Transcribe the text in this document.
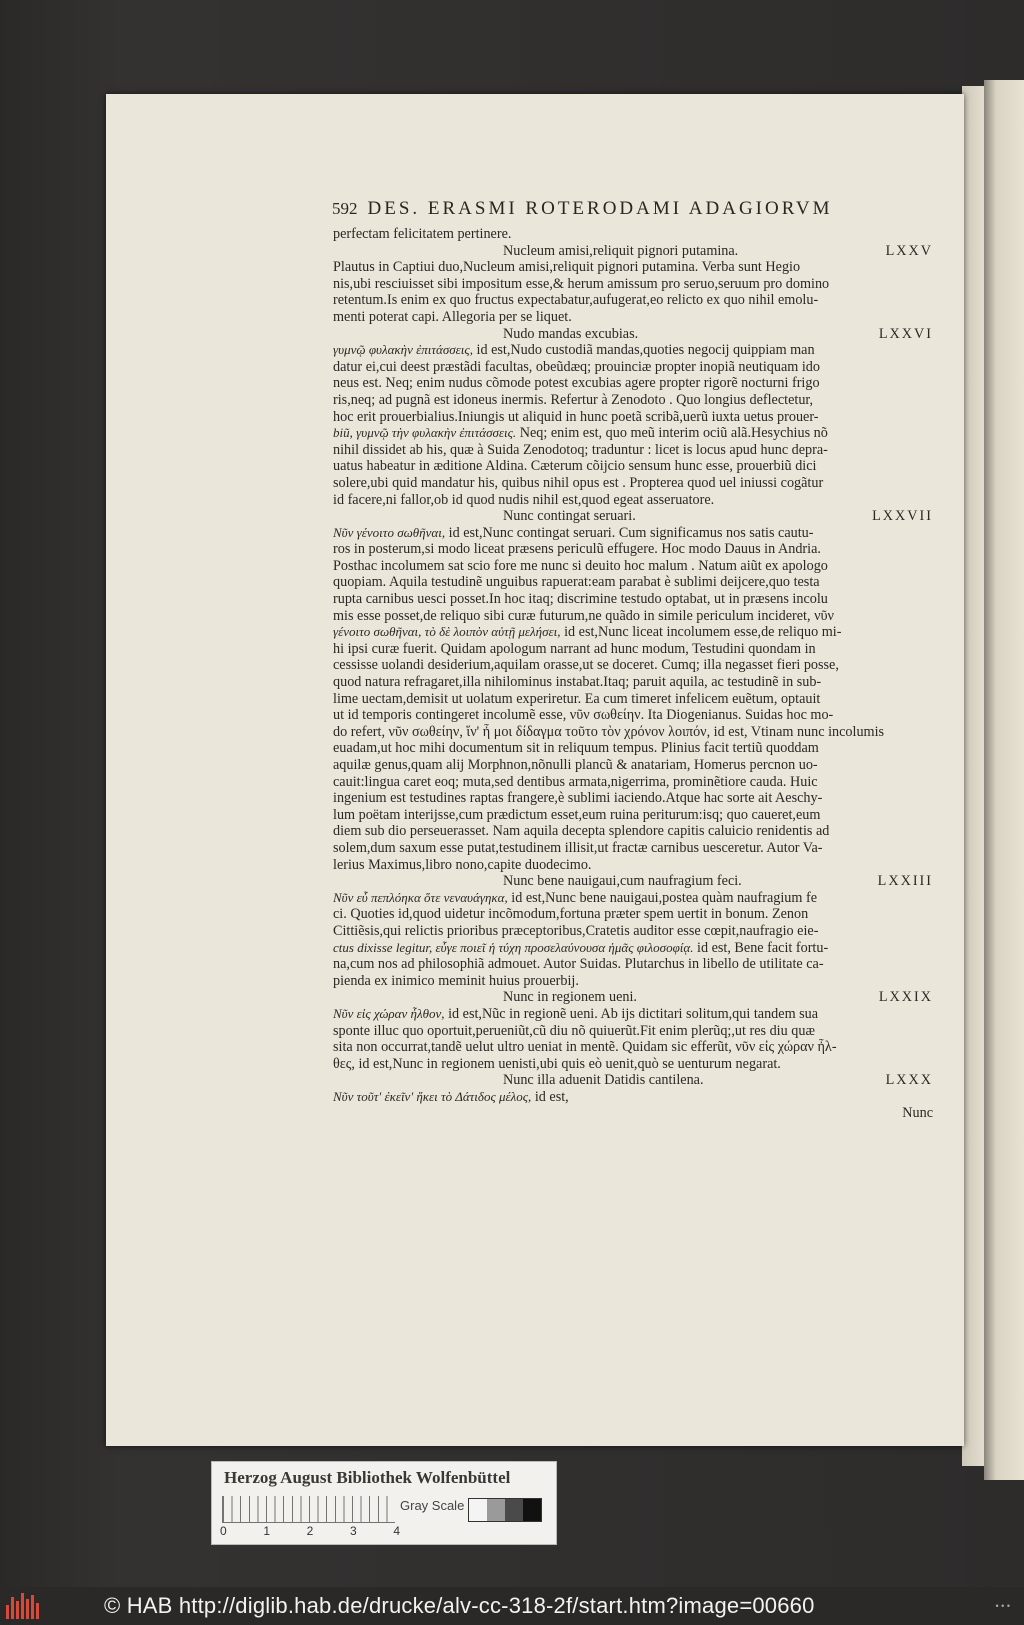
592 DES. ERASMI ROTERODAMI ADAGIORVM
perfectam felicitatem pertinere.
Nucleum amisi,reliquit pignori putamina.	LXXV
Plautus in Captiui duo,Nucleum amisi,reliquit pignori putamina. Verba sunt Hegio
nis,ubi resciuisset sibi impositum esse,& herum amissum pro seruo,seruum pro domino
retentum.Is enim ex quo fructus expectabatur,aufugerat,eo relicto ex quo nihil emolu-
menti poterat capi. Allegoria per se liquet.
Nudo mandas excubias.	LXXVI
γυμνῷ φυλακὴν ἐπιτάσσεις, id est,Nudo custodiã mandas,quoties negocij quippiam man
datur ei,cui deest præstãdi facultas, obeũdæq; prouinciæ propter inopiã neutiquam ido
neus est. Neq; enim nudus cõmode potest excubias agere propter rigorẽ nocturni frigo
ris,neq; ad pugnã est idoneus inermis. Refertur à Zenodoto . Quo longius deflectetur,
hoc erit prouerbialius.Iniungis ut aliquid in hunc poetã scribã,uerũ iuxta uetus prouer-
biũ, γυμνῷ τὴν φυλακὴν ἐπιτάσσεις. Neq; enim est, quo meũ interim ociũ alã.Hesychius nõ
nihil dissidet ab his, quæ à Suida Zenodotoq; traduntur : licet is locus apud hunc depra-
uatus habeatur in æditione Aldina. Cæterum cõijcio sensum hunc esse, prouerbiũ dici
solere,ubi quid mandatur his, quibus nihil opus est . Propterea quod uel iniussi cogãtur
id facere,ni fallor,ob id quod nudis nihil est,quod egeat asseruatore.
Nunc contingat seruari.	LXXVII
Νῦν γένοιτο σωθῆναι, id est,Nunc contingat seruari. Cum significamus nos satis cautu-
ros in posterum,si modo liceat præsens periculũ effugere. Hoc modo Dauus in Andria.
Posthac incolumem sat scio fore me nunc si deuito hoc malum . Natum aiũt ex apologo
quopiam. Aquila testudinẽ unguibus rapuerat:eam parabat è sublimi deijcere,quo testa
rupta carnibus uesci posset.In hoc itaq; discrimine testudo optabat, ut in præsens incolu
mis esse posset,de reliquo sibi curæ futurum,ne quãdo in simile periculum incideret, νῦν
γένοιτο σωθῆναι, τὸ δὲ λοιπὸν αὐτῇ μελήσει, id est,Nunc liceat incolumem esse,de reliquo mi-
hi ipsi curæ fuerit. Quidam apologum narrant ad hunc modum, Testudini quondam in
cessisse uolandi desiderium,aquilam orasse,ut se doceret. Cumq; illa negasset fieri posse,
quod natura refragaret,illa nihilominus instabat.Itaq; paruit aquila, ac testudinẽ in sub-
lime uectam,demisit ut uolatum experiretur. Ea cum timeret infelicem euẽtum, optauit
ut id temporis contingeret incolumẽ esse, νῦν σωθείην. Ita Diogenianus. Suidas hoc mo-
do refert, νῦν σωθείην, ἵν' ἦ μοι δίδαγμα τοῦτο τὸν χρόνον λοιπόν, id est, Vtinam nunc incolumis
euadam,ut hoc mihi documentum sit in reliquum tempus. Plinius facit tertiũ quoddam
aquilæ genus,quam alij Morphnon,nõnulli plancũ & anatariam, Homerus percnon uo-
cauit:lingua caret eoq; muta,sed dentibus armata,nigerrima, prominẽtiore cauda. Huic
ingenium est testudines raptas frangere,è sublimi iaciendo.Atque hac sorte ait Aeschy-
lum poëtam interijsse,cum prædictum esset,eum ruina periturum:isq; quo caueret,eum
diem sub dio perseuerasset. Nam aquila decepta splendore capitis caluicio renidentis ad
solem,dum saxum esse putat,testudinem illisit,ut fractæ carnibus uesceretur. Autor Va-
lerius Maximus,libro nono,capite duodecimo.
Nunc bene nauigaui,cum naufragium feci.	LXXIII
Νῦν εὖ πεπλόηκα ὅτε νεναυάγηκα, id est,Nunc bene nauigaui,postea quàm naufragium fe
ci. Quoties id,quod uidetur incõmodum,fortuna præter spem uertit in bonum. Zenon
Cittiẽsis,qui relictis prioribus præceptoribus,Cratetis auditor esse cœpit,naufragio eie-
ctus dixisse legitur, εὖγε ποιεῖ ἡ τύχη προσελαύνουσα ἡμᾶς φιλοσοφίᾳ. id est, Bene facit fortu-
na,cum nos ad philosophiã admouet. Autor Suidas. Plutarchus in libello de utilitate ca-
pienda ex inimico meminit huius prouerbij.
Nunc in regionem ueni.	LXXIX
Νῦν εἰς χώραν ἦλθον, id est,Nũc in regionẽ ueni. Ab ijs dictitari solitum,qui tandem sua
sponte illuc quo oportuit,perueniũt,cũ diu nõ quiuerũt.Fit enim plerũq;,ut res diu quæ
sita non occurrat,tandẽ uelut ultro ueniat in mentẽ. Quidam sic efferũt, νῦν εἰς χώραν ἦλ-
θες, id est,Nunc in regionem uenisti,ubi quis eò uenit,quò se uenturum negarat.
Nunc illa aduenit Datidis cantilena.	LXXX
Νῦν τοῦτ' ἐκεῖν' ἥκει τὸ Δάτιδος μέλος, id est,
Nunc
Herzog August Bibliothek Wolfenbüttel
0	1	2	3	4
Gray Scale
© HAB http://diglib.hab.de/drucke/alv-cc-318-2f/start.htm?image=00660	• • •
